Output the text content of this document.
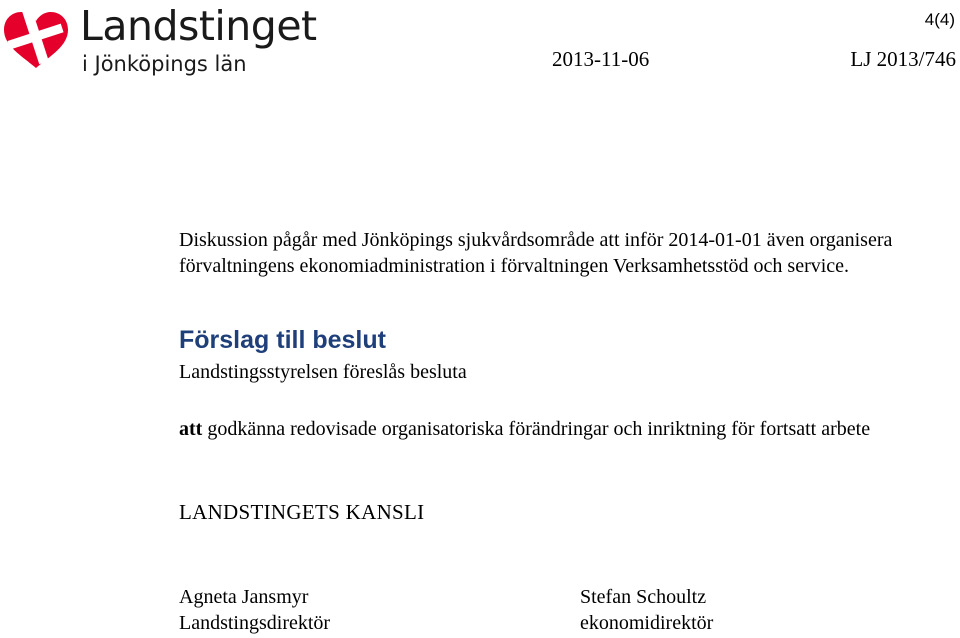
Landstinget
i Jönköpings län
4(4)
2013-11-06	LJ 2013/746

Diskussion pågår med Jönköpings sjukvårdsområde att inför 2014-01-01 även organisera förvaltningens ekonomiadministration i förvaltningen Verksamhetsstöd och service.

Förslag till beslut
Landstingsstyrelsen föreslås besluta

att godkänna redovisade organisatoriska förändringar och inriktning för fortsatt arbete

LANDSTINGETS KANSLI
Agneta Jansmyr
Landstingsdirektör
Stefan Schoultz
ekonomidirektör
